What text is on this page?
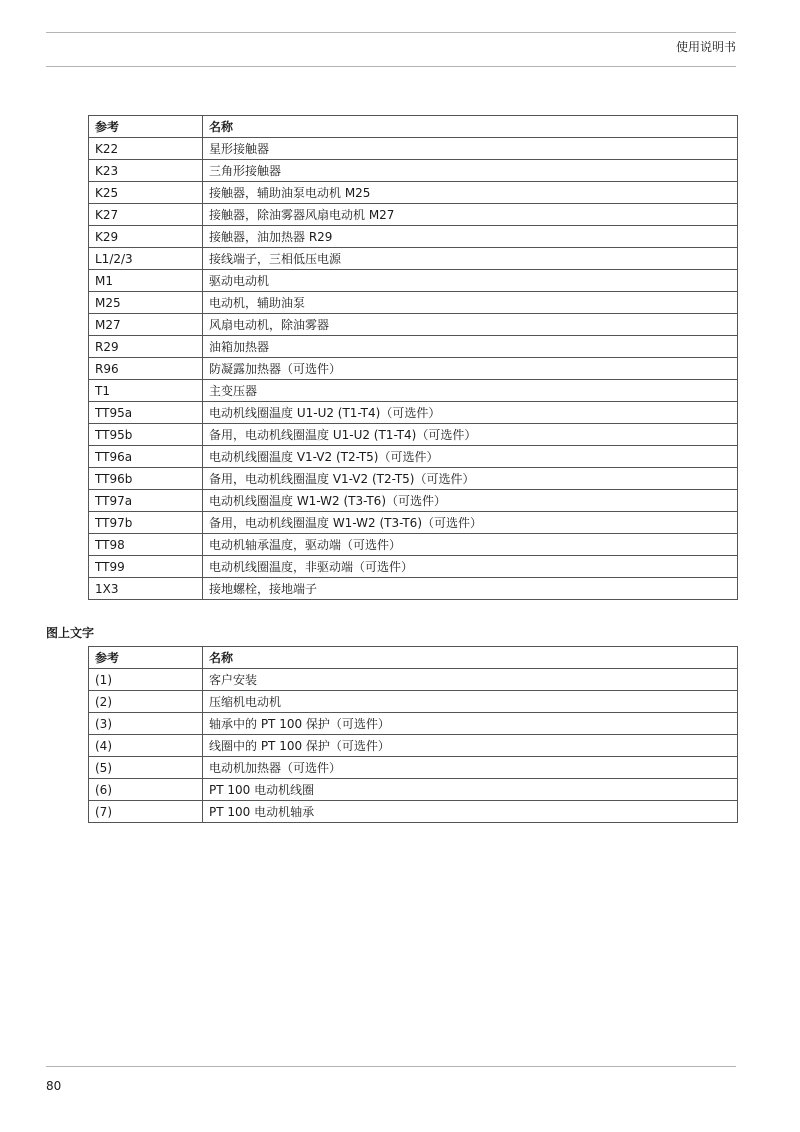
使用说明书
参考	名称
K22	星形接触器
K23	三角形接触器
K25	接触器，辅助油泵电动机 M25
K27	接触器，除油雾器风扇电动机 M27
K29	接触器，油加热器 R29
L1/2/3	接线端子，三相低压电源
M1	驱动电动机
M25	电动机，辅助油泵
M27	风扇电动机，除油雾器
R29	油箱加热器
R96	防凝露加热器（可选件）
T1	主变压器
TT95a	电动机线圈温度 U1-U2 (T1-T4)（可选件）
TT95b	备用，电动机线圈温度 U1-U2 (T1-T4)（可选件）
TT96a	电动机线圈温度 V1-V2 (T2-T5)（可选件）
TT96b	备用，电动机线圈温度 V1-V2 (T2-T5)（可选件）
TT97a	电动机线圈温度 W1-W2 (T3-T6)（可选件）
TT97b	备用，电动机线圈温度 W1-W2 (T3-T6)（可选件）
TT98	电动机轴承温度，驱动端（可选件）
TT99	电动机线圈温度，非驱动端（可选件）
1X3	接地螺栓，接地端子
图上文字
参考	名称
(1)	客户安装
(2)	压缩机电动机
(3)	轴承中的 PT 100 保护（可选件）
(4)	线圈中的 PT 100 保护（可选件）
(5)	电动机加热器（可选件）
(6)	PT 100 电动机线圈
(7)	PT 100 电动机轴承
80
